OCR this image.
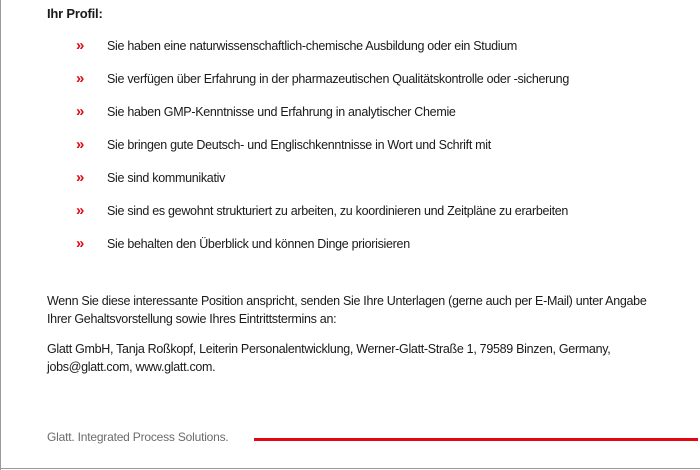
Ihr Profil:
» Sie haben eine naturwissenschaftlich-chemische Ausbildung oder ein Studium
» Sie verfügen über Erfahrung in der pharmazeutischen Qualitätskontrolle oder -sicherung
» Sie haben GMP-Kenntnisse und Erfahrung in analytischer Chemie
» Sie bringen gute Deutsch- und Englischkenntnisse in Wort und Schrift mit
» Sie sind kommunikativ
» Sie sind es gewohnt strukturiert zu arbeiten, zu koordinieren und Zeitpläne zu erarbeiten
» Sie behalten den Überblick und können Dinge priorisieren

Wenn Sie diese interessante Position anspricht, senden Sie Ihre Unterlagen (gerne auch per E-Mail) unter Angabe Ihrer Gehaltsvorstellung sowie Ihres Eintrittstermins an:

Glatt GmbH, Tanja Roßkopf, Leiterin Personalentwicklung, Werner-Glatt-Straße 1, 79589 Binzen, Germany, jobs@glatt.com, www.glatt.com.

Glatt. Integrated Process Solutions.
